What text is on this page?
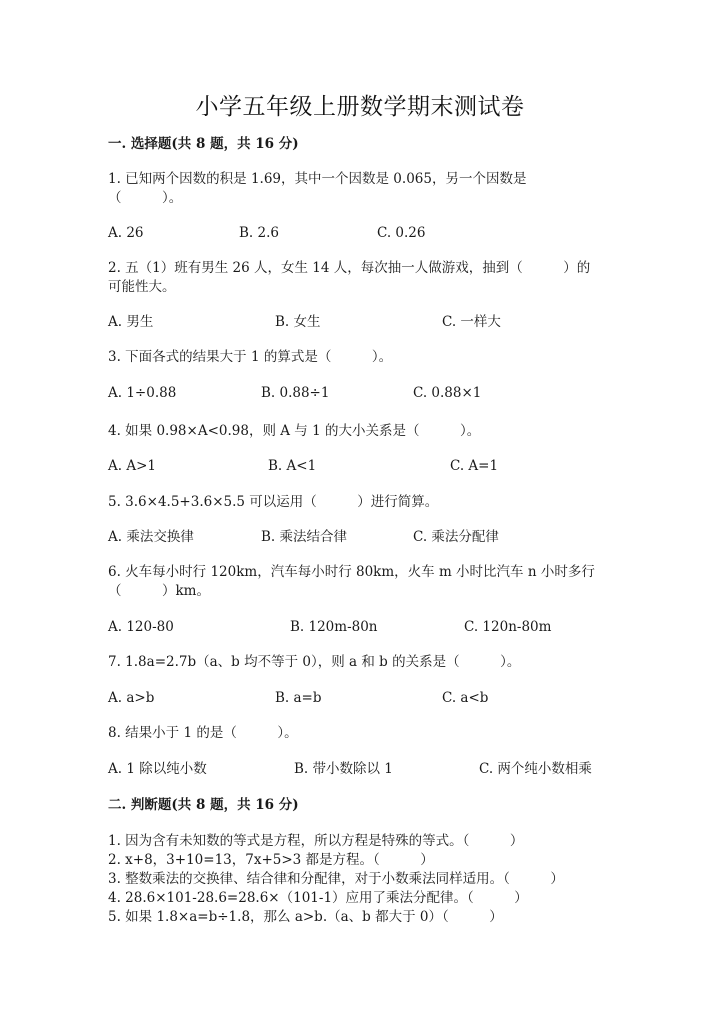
小学五年级上册数学期末测试卷
一. 选择题(共 8 题，共 16 分)
1. 已知两个因数的积是 1.69，其中一个因数是 0.065，另一个因数是
（　　　）。
A. 26	B. 2.6	C. 0.26
2. 五（1）班有男生 26 人，女生 14 人，每次抽一人做游戏，抽到（　　　）的
可能性大。
A. 男生	B. 女生	C. 一样大
3. 下面各式的结果大于 1 的算式是（　　　）。
A. 1÷0.88	B. 0.88÷1	C. 0.88×1
4. 如果 0.98×A<0.98，则 A 与 1 的大小关系是（　　　）。
A. A>1	B. A<1	C. A=1
5. 3.6×4.5+3.6×5.5 可以运用（　　　）进行简算。
A. 乘法交换律	B. 乘法结合律	C. 乘法分配律
6. 火车每小时行 120km，汽车每小时行 80km，火车 m 小时比汽车 n 小时多行
（　　　）km。
A. 120-80	B. 120m-80n	C. 120n-80m
7. 1.8a=2.7b（a、b 均不等于 0），则 a 和 b 的关系是（　　　）。
A. a>b	B. a=b	C. a<b
8. 结果小于 1 的是（　　　）。
A. 1 除以纯小数	B. 带小数除以 1	C. 两个纯小数相乘
二. 判断题(共 8 题，共 16 分)
1. 因为含有未知数的等式是方程，所以方程是特殊的等式。（　　　）
2. x+8，3+10=13，7x+5>3 都是方程。（　　　）
3. 整数乘法的交换律、结合律和分配律，对于小数乘法同样适用。（　　　）
4. 28.6×101-28.6=28.6×（101-1）应用了乘法分配律。（　　　）
5. 如果 1.8×a=b÷1.8，那么 a>b.（a、b 都大于 0）（　　　）
